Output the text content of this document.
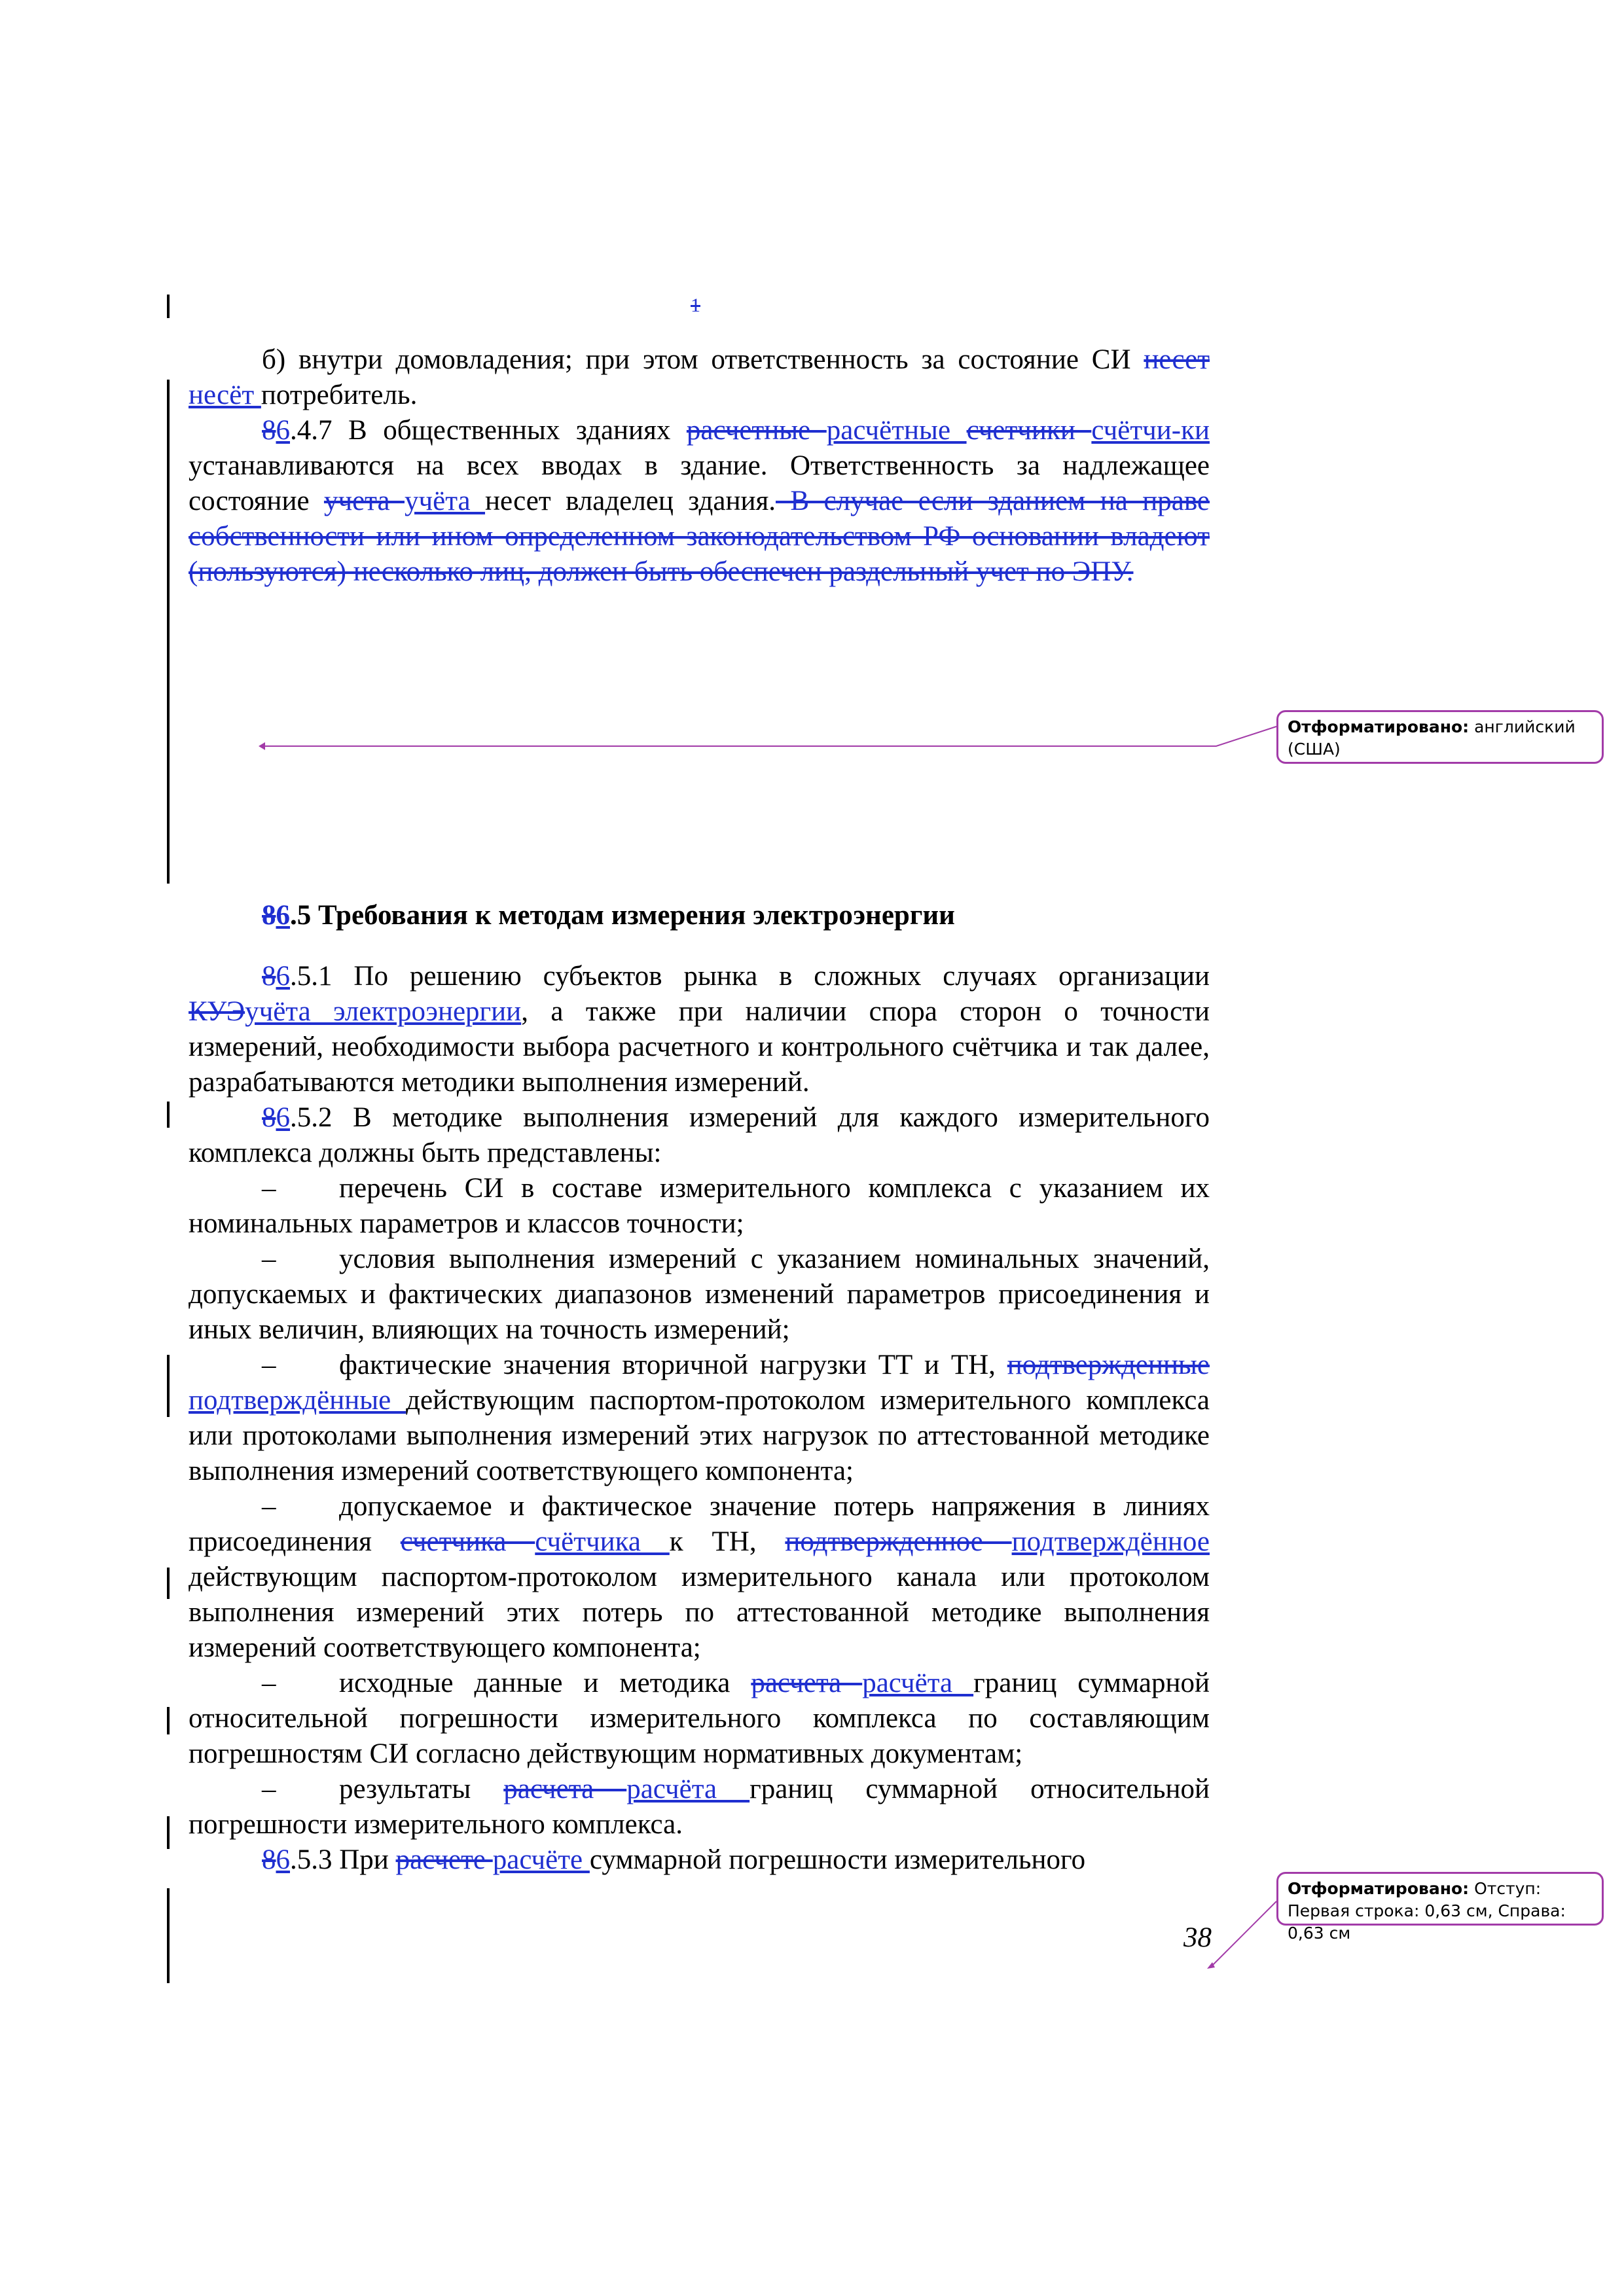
1

б) внутри домовладения; при этом ответственность за состояние СИ несет несёт потребитель.

86.4.7 В общественных зданиях расчетные расчётные счетчики счётчи-ки устанавливаются на всех вводах в здание. Ответственность за надлежащее состояние учета учёта несет владелец здания. В случае если зданием на праве собственности или ином определенном законодательством РФ основании владеют (пользуются) несколько лиц, должен быть обеспечен раздельный учет по ЭПУ.

86.5 Требования к методам измерения электроэнергии

86.5.1 По решению субъектов рынка в сложных случаях организации КУЭучёта электроэнергии, а также при наличии спора сторон о точности измерений, необходимости выбора расчетного и контрольного счётчика и так далее, разрабатываются методики выполнения измерений.

86.5.2 В методике выполнения измерений для каждого измерительного комплекса должны быть представлены:

– перечень СИ в составе измерительного комплекса с указанием их номинальных параметров и классов точности;

– условия выполнения измерений с указанием номинальных значений, допускаемых и фактических диапазонов изменений параметров присоединения и иных величин, влияющих на точность измерений;

– фактические значения вторичной нагрузки ТТ и ТН, подтвержденные подтверждённые действующим паспортом-протоколом измерительного комплекса или протоколами выполнения измерений этих нагрузок по аттестованной методике выполнения измерений соответствующего компонента;

– допускаемое и фактическое значение потерь напряжения в линиях присоединения счетчика счётчика к ТН, подтвержденное подтверждённое действующим паспортом-протоколом измерительного канала или протоколом выполнения измерений этих потерь по аттестованной методике выполнения измерений соответствующего компонента;

– исходные данные и методика расчета расчёта границ суммарной относительной погрешности измерительного комплекса по составляющим погрешностям СИ согласно действующим нормативных документам;

– результаты расчета расчёта границ суммарной относительной погрешности измерительного комплекса.

86.5.3 При расчете расчёте суммарной погрешности измерительного

38
Отформатировано: английский (США)
Отформатировано: Отступ: Первая строка: 0,63 см, Справа: 0,63 см
